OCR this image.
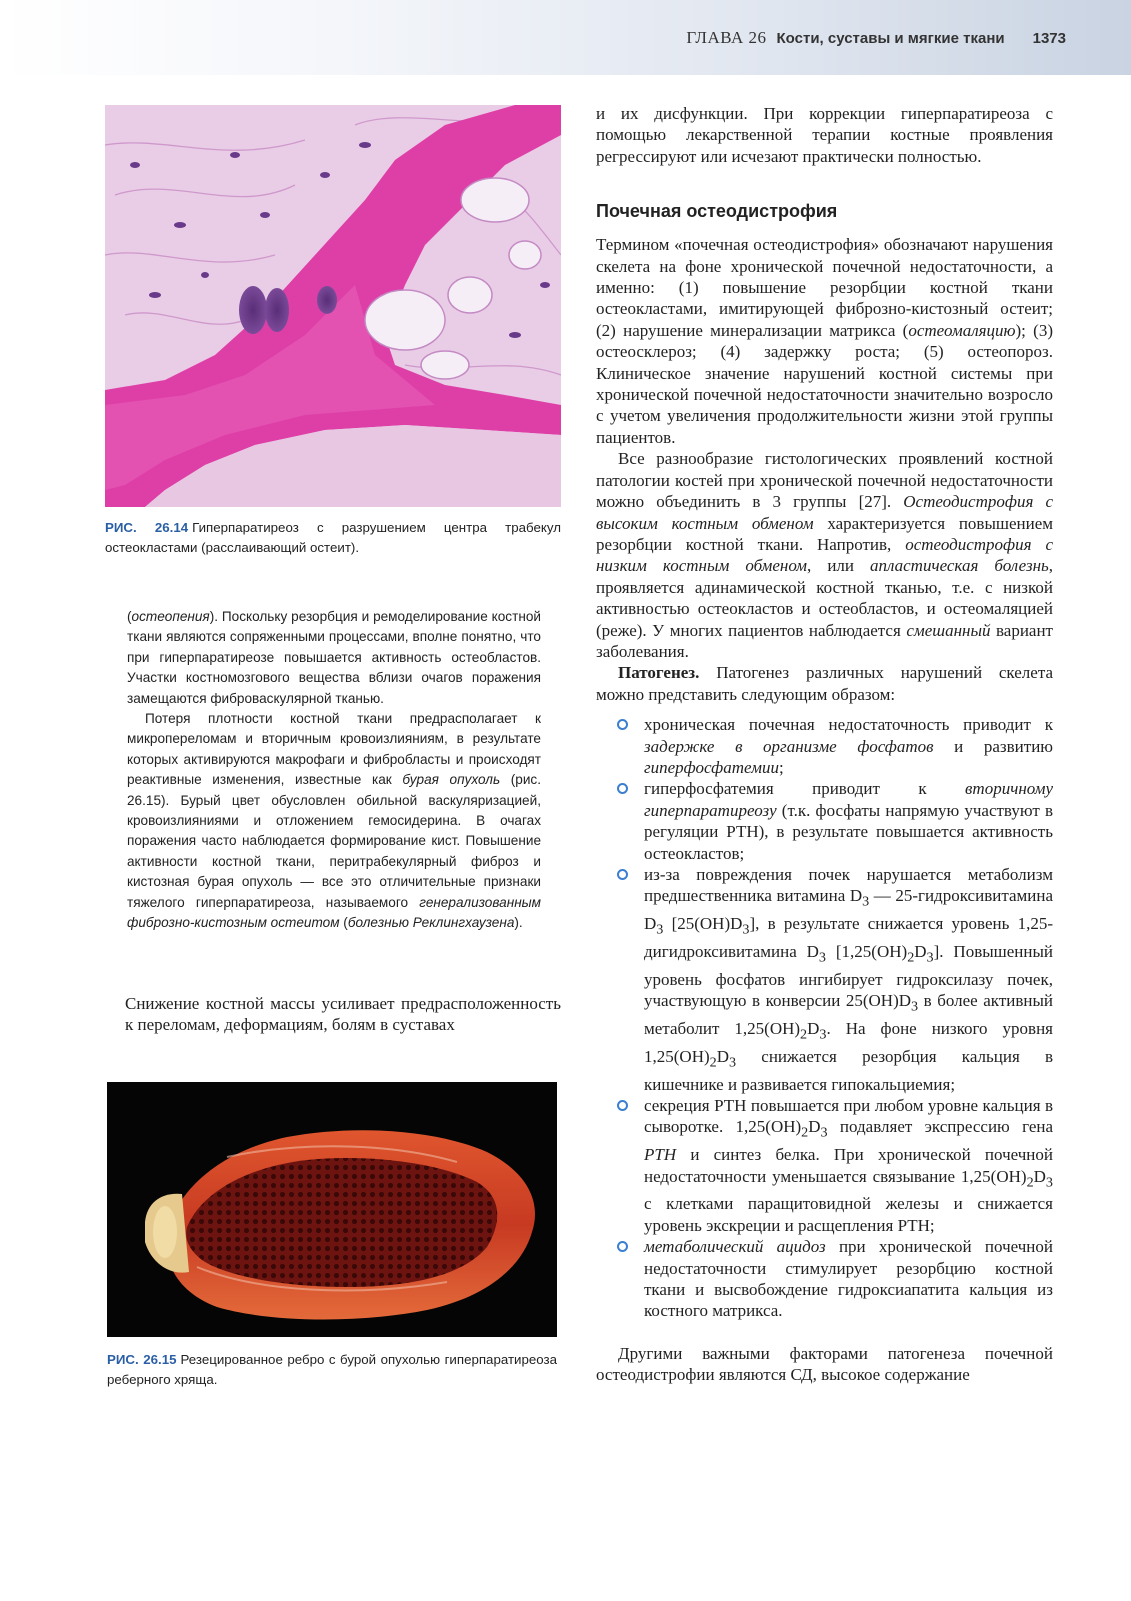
ГЛАВА 26 Кости, суставы и мягкие ткани 1373
РИС. 26.14 Гиперпаратиреоз с разрушением центра трабекул остеокластами (расслаивающий остеит).

(остеопения). Поскольку резорбция и ремоделирование костной ткани являются сопряженными процессами, вполне понятно, что при гиперпаратиреозе повышается активность остеобластов. Участки костномозгового вещества вблизи очагов поражения замещаются фиброваскулярной тканью.

Потеря плотности костной ткани предрасполагает к микропереломам и вторичным кровоизлияниям, в результате которых активируются макрофаги и фибробласты и происходят реактивные изменения, известные как бурая опухоль (рис. 26.15). Бурый цвет обусловлен обильной васкуляризацией, кровоизлияниями и отложением гемосидерина. В очагах поражения часто наблюдается формирование кист. Повышение активности костной ткани, перитрабекулярный фиброз и кистозная бурая опухоль — все это отличительные признаки тяжелого гиперпаратиреоза, называемого генерализованным фиброзно-кистозным остеитом (болезнью Реклингхаузена).

Снижение костной массы усиливает предрасположенность к переломам, деформациям, болям в суставах

РИС. 26.15 Резецированное ребро с бурой опухолью гиперпаратиреоза реберного хряща.

и их дисфункции. При коррекции гиперпаратиреоза с помощью лекарственной терапии костные проявления регрессируют или исчезают практически полностью.

Почечная остеодистрофия

Термином «почечная остеодистрофия» обозначают нарушения скелета на фоне хронической почечной недостаточности, а именно: (1) повышение резорбции костной ткани остеокластами, имитирующей фиброзно-кистозный остеит; (2) нарушение минерализации матрикса (остеомаляцию); (3) остеосклероз; (4) задержку роста; (5) остеопороз. Клиническое значение нарушений костной системы при хронической почечной недостаточности значительно возросло с учетом увеличения продолжительности жизни этой группы пациентов.

Все разнообразие гистологических проявлений костной патологии костей при хронической почечной недостаточности можно объединить в 3 группы [27]. Остеодистрофия с высоким костным обменом характеризуется повышением резорбции костной ткани. Напротив, остеодистрофия с низким костным обменом, или апластическая болезнь, проявляется адинамической костной тканью, т.е. с низкой активностью остеокластов и остеобластов, и остеомаляцией (реже). У многих пациентов наблюдается смешанный вариант заболевания.

Патогенез. Патогенез различных нарушений скелета можно представить следующим образом:

хроническая почечная недостаточность приводит к задержке в организме фосфатов и развитию гиперфосфатемии;
гиперфосфатемия приводит к вторичному гиперпаратиреозу (т.к. фосфаты напрямую участвуют в регуляции РТН), в результате повышается активность остеокластов;
из-за повреждения почек нарушается метаболизм предшественника витамина $D_3$ — 25-гидроксивитамина $D_3$ $[25(OH)D_3]$, в результате снижается уровень 1,25-дигидроксивитамина $D_3$ $[1,25(OH)_2D_3]$. Повышенный уровень фосфатов ингибирует гидроксилазу почек, участвующую в конверсии $25(OH)D_3$ в более активный метаболит $1,25(OH)_2D_3$. На фоне низкого уровня $1,25(OH)_2D_3$ снижается резорбция кальция в кишечнике и развивается гипокальциемия;
секреция РТН повышается при любом уровне кальция в сыворотке. $1,25(OH)_2D_3$ подавляет экспрессию гена PTH и синтез белка. При хронической почечной недостаточности уменьшается связывание $1,25(OH)_2D_3$ с клетками паращитовидной железы и снижается уровень экскреции и расщепления РТН;
метаболический ацидоз при хронической почечной недостаточности стимулирует резорбцию костной ткани и высвобождение гидроксиапатита кальция из костного матрикса.

Другими важными факторами патогенеза почечной остеодистрофии являются СД, высокое содержание
